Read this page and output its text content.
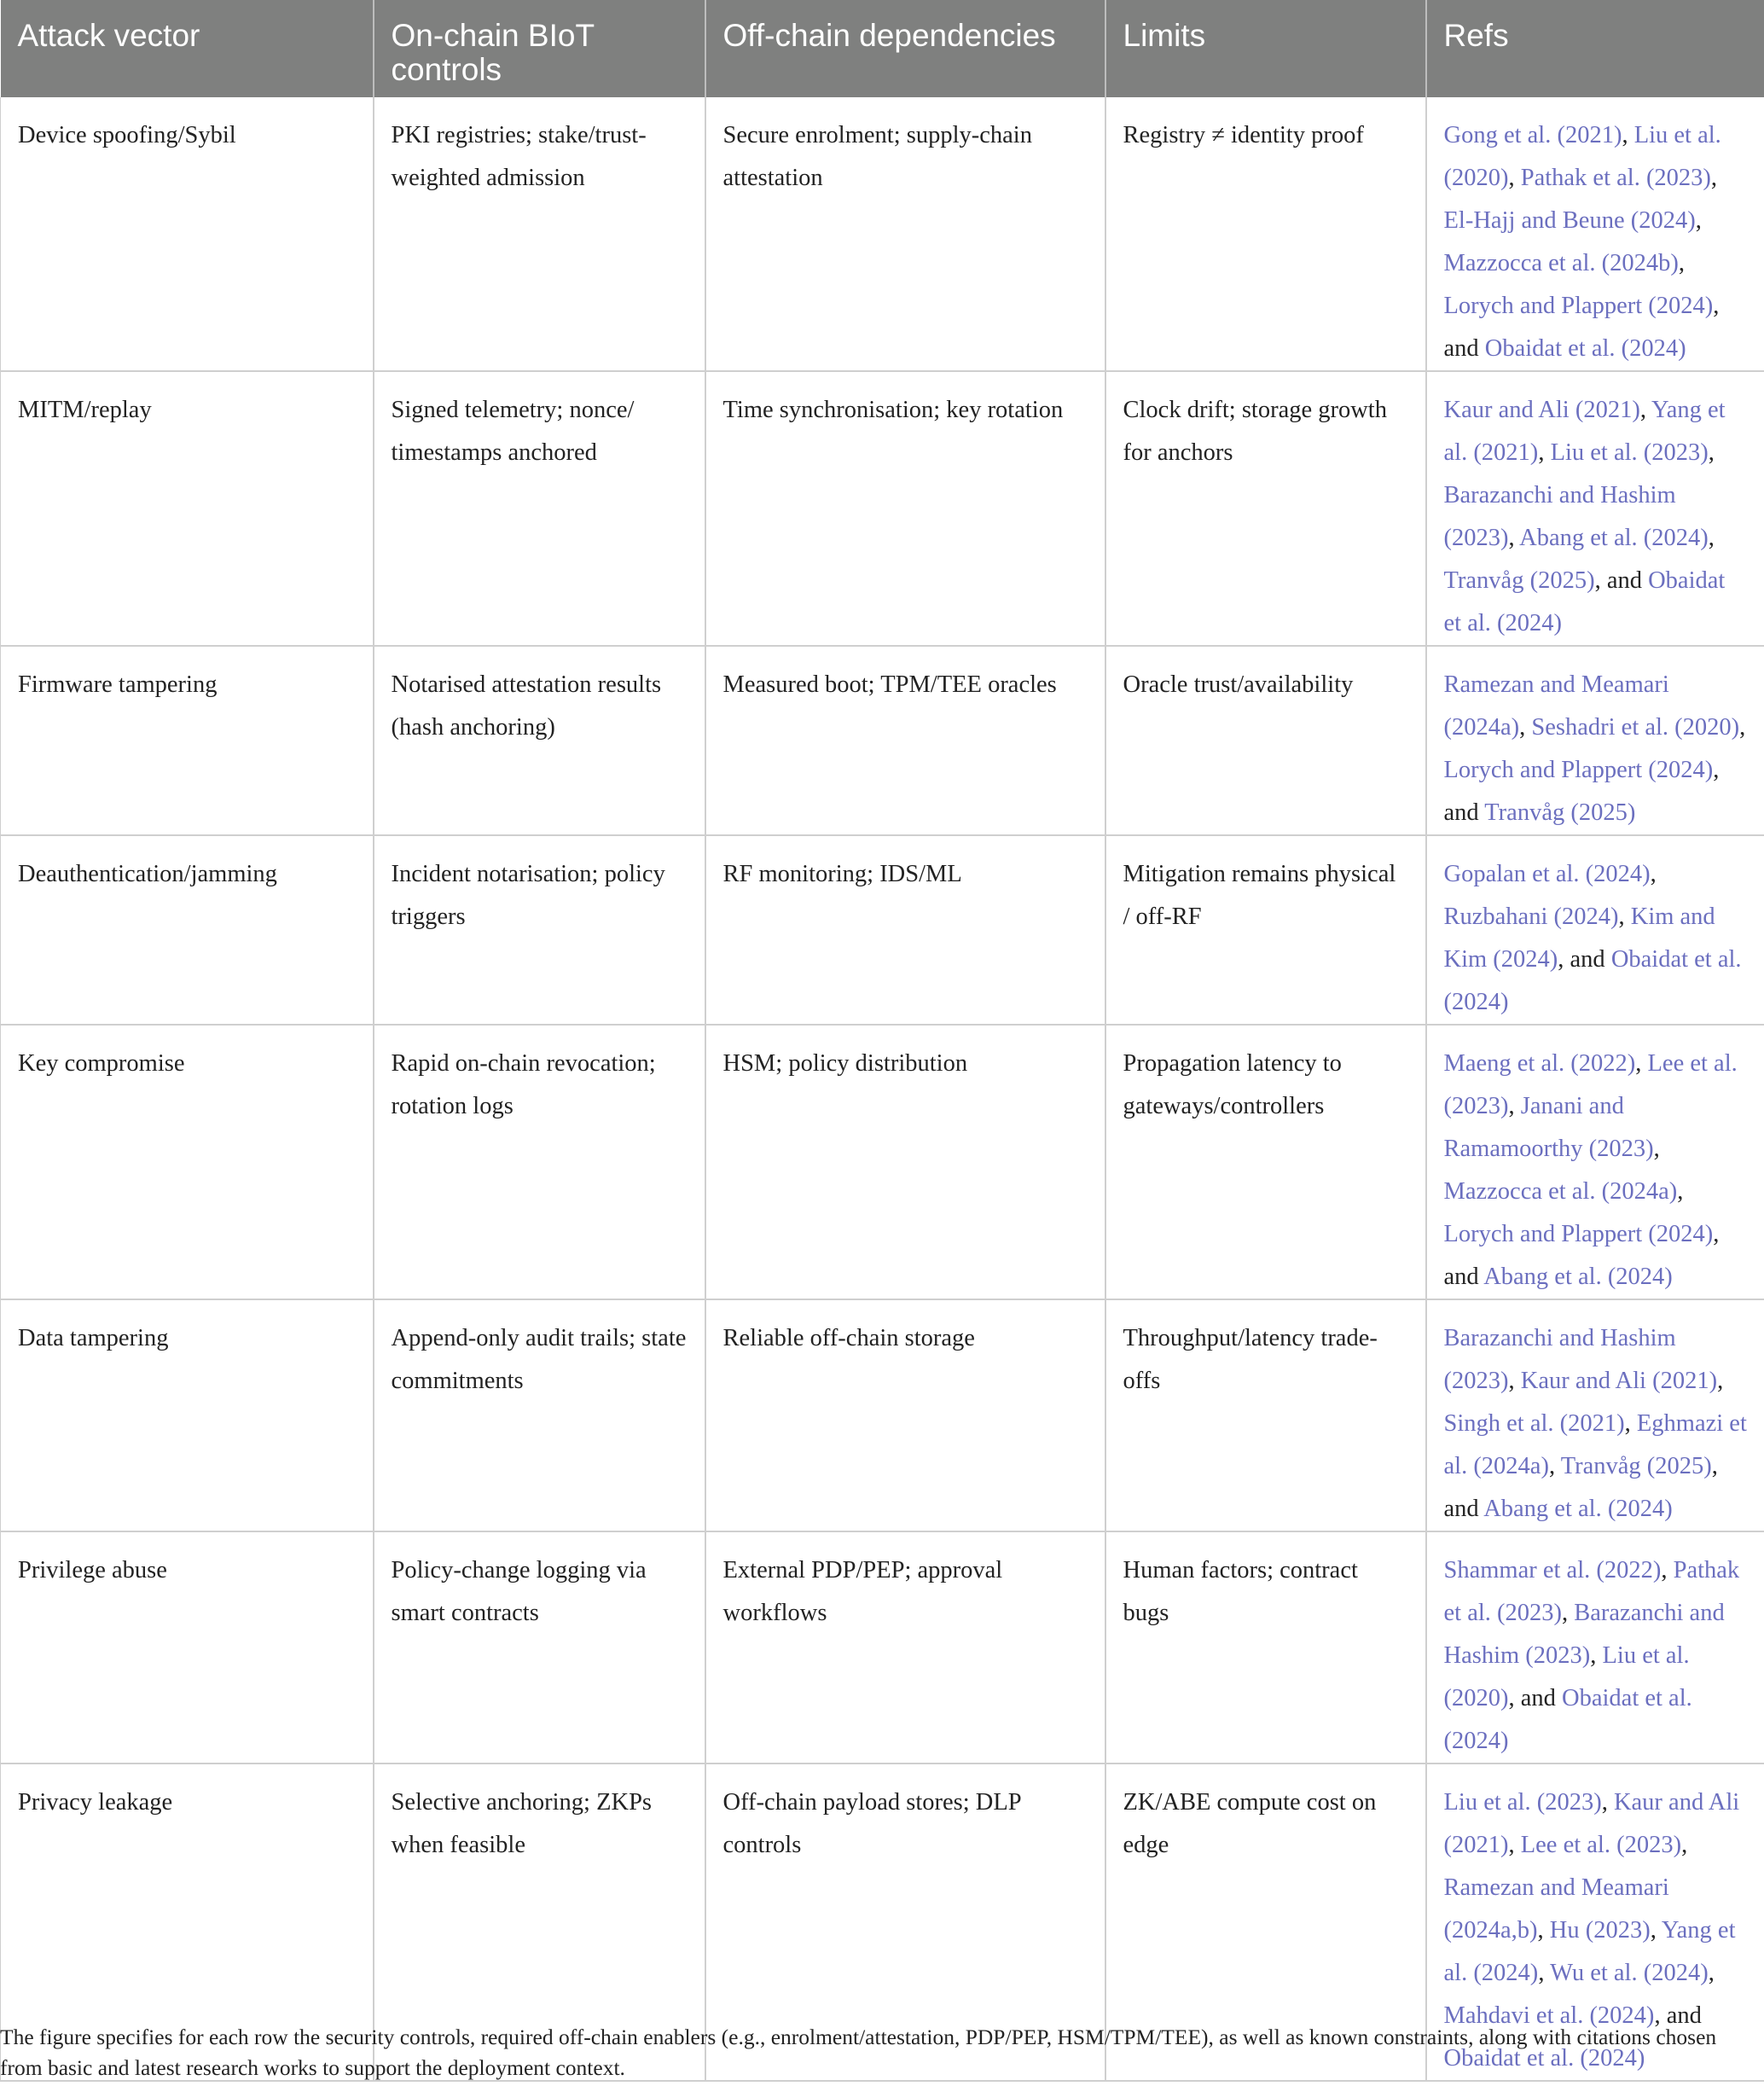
Attack vector	On-chain BIoT controls	Off-chain dependencies	Limits	Refs
Device spoofing/Sybil	PKI registries; stake/trust-weighted admission	Secure enrolment; supply-chain attestation	Registry ≠ identity proof	Gong et al. (2021), Liu et al. (2020), Pathak et al. (2023), El-Hajj and Beune (2024), Mazzocca et al. (2024b), Lorych and Plappert (2024), and Obaidat et al. (2024)
MITM/replay	Signed telemetry; nonce/ timestamps anchored	Time synchronisation; key rotation	Clock drift; storage growth for anchors	Kaur and Ali (2021), Yang et al. (2021), Liu et al. (2023), Barazanchi and Hashim (2023), Abang et al. (2024), Tranvåg (2025), and Obaidat et al. (2024)
Firmware tampering	Notarised attestation results (hash anchoring)	Measured boot; TPM/TEE oracles	Oracle trust/availability	Ramezan and Meamari (2024a), Seshadri et al. (2020), Lorych and Plappert (2024), and Tranvåg (2025)
Deauthentication/jamming	Incident notarisation; policy triggers	RF monitoring; IDS/ML	Mitigation remains physical / off-RF	Gopalan et al. (2024), Ruzbahani (2024), Kim and Kim (2024), and Obaidat et al. (2024)
Key compromise	Rapid on-chain revocation; rotation logs	HSM; policy distribution	Propagation latency to gateways/controllers	Maeng et al. (2022), Lee et al. (2023), Janani and Ramamoorthy (2023), Mazzocca et al. (2024a), Lorych and Plappert (2024), and Abang et al. (2024)
Data tampering	Append-only audit trails; state commitments	Reliable off-chain storage	Throughput/latency trade-offs	Barazanchi and Hashim (2023), Kaur and Ali (2021), Singh et al. (2021), Eghmazi et al. (2024a), Tranvåg (2025), and Abang et al. (2024)
Privilege abuse	Policy-change logging via smart contracts	External PDP/PEP; approval workflows	Human factors; contract bugs	Shammar et al. (2022), Pathak et al. (2023), Barazanchi and Hashim (2023), Liu et al. (2020), and Obaidat et al. (2024)
Privacy leakage	Selective anchoring; ZKPs when feasible	Off-chain payload stores; DLP controls	ZK/ABE compute cost on edge	Liu et al. (2023), Kaur and Ali (2021), Lee et al. (2023), Ramezan and Meamari (2024a,b), Hu (2023), Yang et al. (2024), Wu et al. (2024), Mahdavi et al. (2024), and Obaidat et al. (2024)
The figure specifies for each row the security controls, required off-chain enablers (e.g., enrolment/attestation, PDP/PEP, HSM/TPM/TEE), as well as known constraints, along with citations chosen from basic and latest research works to support the deployment context.
